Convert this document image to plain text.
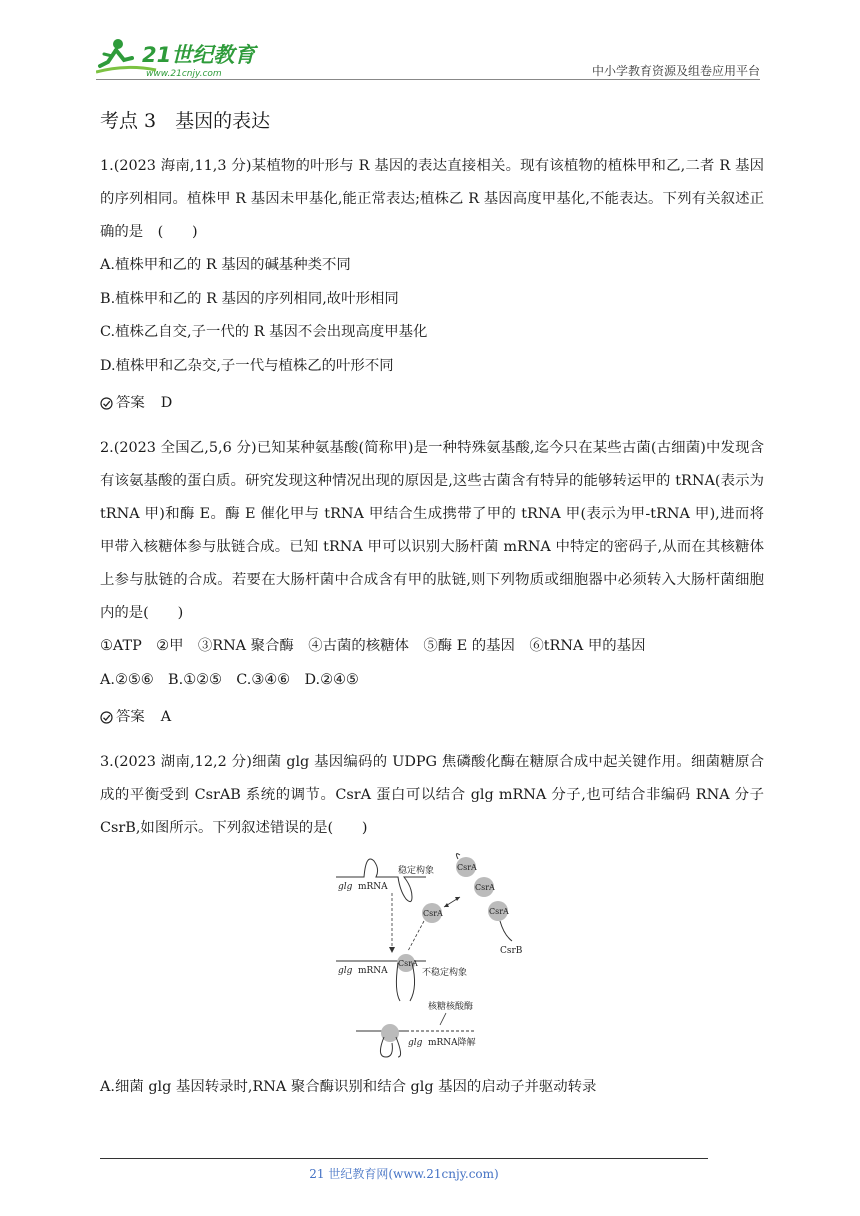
21世纪教育
www.21cnjy.com	中小学教育资源及组卷应用平台
考点 3　基因的表达

1.(2023 海南,11,3 分)某植物的叶形与 R 基因的表达直接相关。现有该植物的植株甲和乙,二者 R 基因的序列相同。植株甲 R 基因未甲基化,能正常表达;植株乙 R 基因高度甲基化,不能表达。下列有关叙述正确的是　(　　)

A.植株甲和乙的 R 基因的碱基种类不同

B.植株甲和乙的 R 基因的序列相同,故叶形相同

C.植株乙自交,子一代的 R 基因不会出现高度甲基化

D.植株甲和乙杂交,子一代与植株乙的叶形不同

答案 D

2.(2023 全国乙,5,6 分)已知某种氨基酸(简称甲)是一种特殊氨基酸,迄今只在某些古菌(古细菌)中发现含有该氨基酸的蛋白质。研究发现这种情况出现的原因是,这些古菌含有特异的能够转运甲的 tRNA(表示为 tRNA 甲)和酶 E。酶 E 催化甲与 tRNA 甲结合生成携带了甲的 tRNA 甲(表示为甲-tRNA 甲),进而将甲带入核糖体参与肽链合成。已知 tRNA 甲可以识别大肠杆菌 mRNA 中特定的密码子,从而在其核糖体上参与肽链的合成。若要在大肠杆菌中合成含有甲的肽链,则下列物质或细胞器中必须转入大肠杆菌细胞内的是(　　)

①ATP　②甲　③RNA 聚合酶　④古菌的核糖体　⑤酶 E 的基因　⑥tRNA 甲的基因

A.②⑤⑥　B.①②⑤　C.③④⑥　D.②④⑤

答案 A

3.(2023 湖南,12,2 分)细菌 glg 基因编码的 UDPG 焦磷酸化酶在糖原合成中起关键作用。细菌糖原合成的平衡受到 CsrAB 系统的调节。CsrA 蛋白可以结合 glg mRNA 分子,也可结合非编码 RNA 分子 CsrB,如图所示。下列叙述错误的是(　　)

glg mRNA
稳定构象
CsrA
CsrA
CsrA
CsrA
CsrB
glg mRNA
CsrA
不稳定构象
核糖核酸酶
glg mRNA降解

A.细菌 glg 基因转录时,RNA 聚合酶识别和结合 glg 基因的启动子并驱动转录

21 世纪教育网(www.21cnjy.com)
